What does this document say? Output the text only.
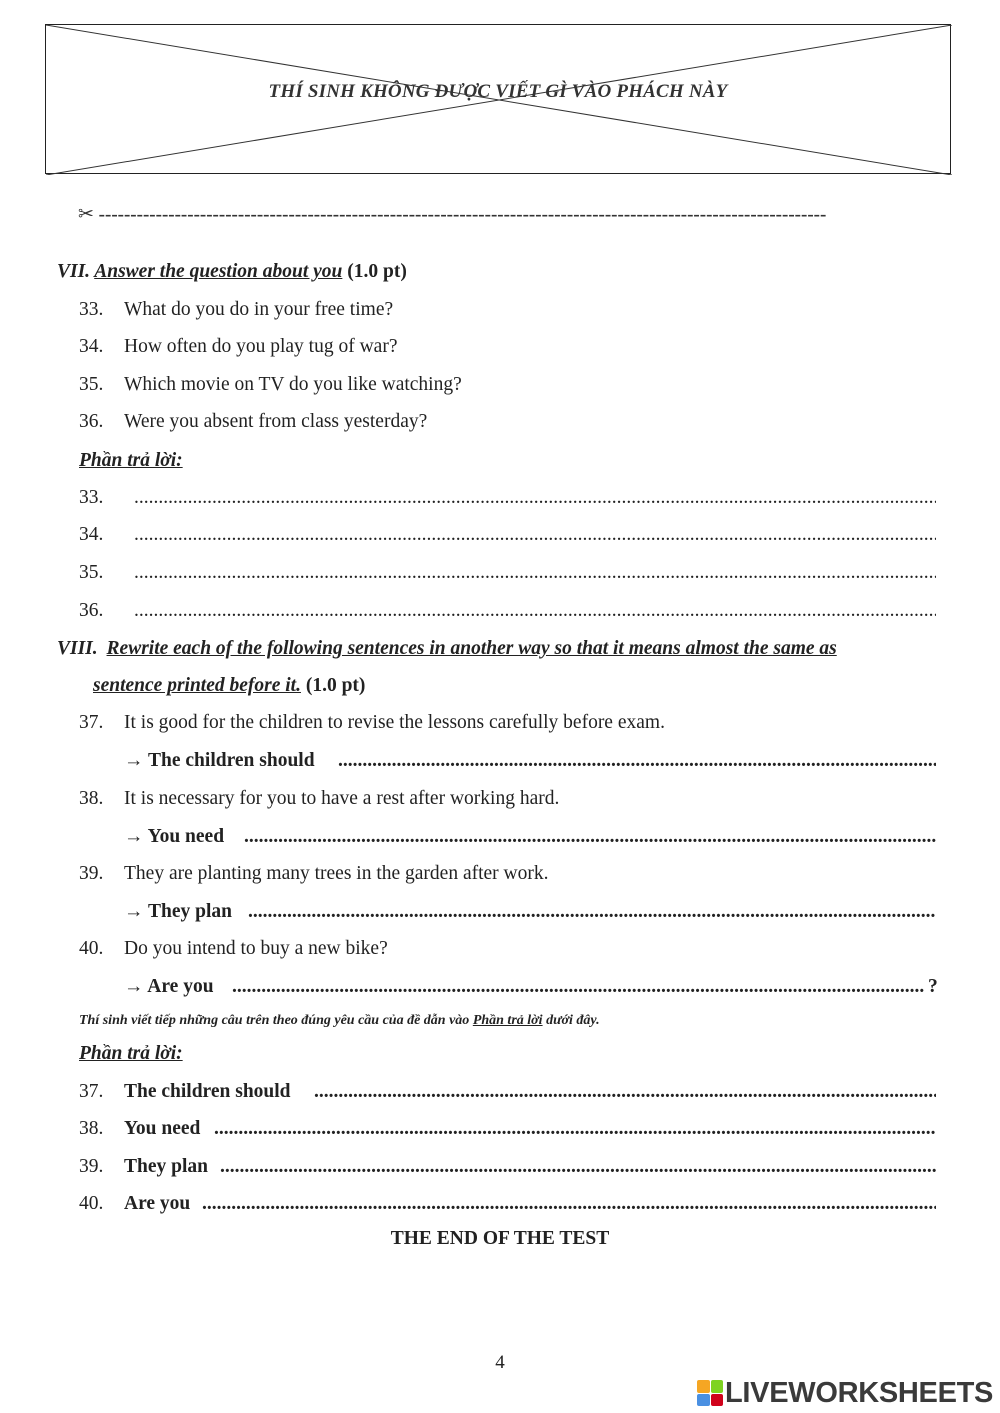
THÍ SINH KHÔNG ĐƯỢC VIẾT GÌ VÀO PHÁCH NÀY
✂ -------------------------------------------------------------------------------------------------------------------
VII. Answer the question about you (1.0 pt)
33.	What do you do in your free time?
34.	How often do you play tug of war?
35.	Which movie on TV do you like watching?
36.	Were you absent from class yesterday?
Phần trả lời:
33.
.....
34.
.....
35.
.....
36.
.....
VIII. Rewrite each of the following sentences in another way so that it means almost the same as
sentence printed before it. (1.0 pt)
37.	It is good for the children to revise the lessons carefully before exam.
→ The children should
.....
38.	It is necessary for you to have a rest after working hard.
→ You need
.....
39.	They are planting many trees in the garden after work.
→ They plan
.....
40.	Do you intend to buy a new bike?
→ Are you
.....	?
Thí sinh viết tiếp những câu trên theo đúng yêu cầu của đề dẫn vào Phần trả lời dưới đây.
Phần trả lời:
37.	The children should
.....
38.	You need
.....
39.	They plan
.....
40.	Are you
.....
THE END OF THE TEST
4
LIVEWORKSHEETS
